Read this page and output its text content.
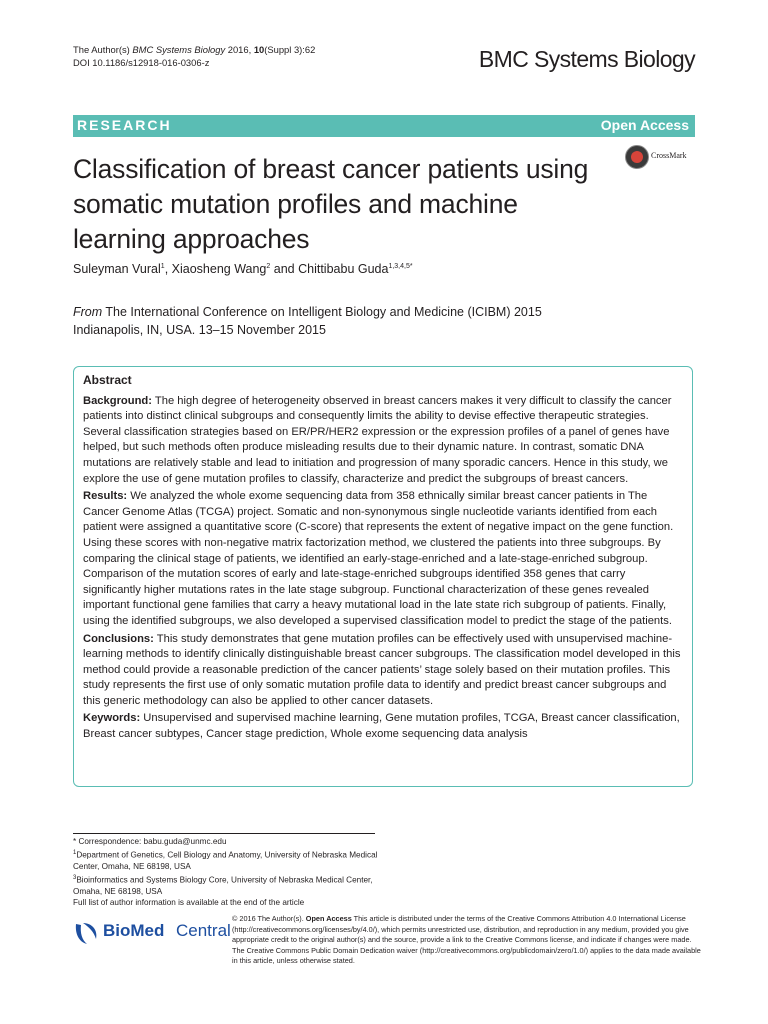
The Author(s) BMC Systems Biology 2016, 10(Suppl 3):62
DOI 10.1186/s12918-016-0306-z	BMC Systems Biology
RESEARCH	Open Access
Classification of breast cancer patients using somatic mutation profiles and machine learning approaches
CrossMark
Suleyman Vural$^1$, Xiaosheng Wang$^2$ and Chittibabu Guda$^{1,3,4,5*}$
From The International Conference on Intelligent Biology and Medicine (ICIBM) 2015
Indianapolis, IN, USA. 13–15 November 2015
Abstract

Background: The high degree of heterogeneity observed in breast cancers makes it very difficult to classify the cancer patients into distinct clinical subgroups and consequently limits the ability to devise effective therapeutic strategies. Several classification strategies based on ER/PR/HER2 expression or the expression profiles of a panel of genes have helped, but such methods often produce misleading results due to their dynamic nature. In contrast, somatic DNA mutations are relatively stable and lead to initiation and progression of many sporadic cancers. Hence in this study, we explore the use of gene mutation profiles to classify, characterize and predict the subgroups of breast cancers.

Results: We analyzed the whole exome sequencing data from 358 ethnically similar breast cancer patients in The Cancer Genome Atlas (TCGA) project. Somatic and non-synonymous single nucleotide variants identified from each patient were assigned a quantitative score (C-score) that represents the extent of negative impact on the gene function. Using these scores with non-negative matrix factorization method, we clustered the patients into three subgroups. By comparing the clinical stage of patients, we identified an early-stage-enriched and a late-stage-enriched subgroup. Comparison of the mutation scores of early and late-stage-enriched subgroups identified 358 genes that carry significantly higher mutations rates in the late stage subgroup. Functional characterization of these genes revealed important functional gene families that carry a heavy mutational load in the late state rich subgroup of patients. Finally, using the identified subgroups, we also developed a supervised classification model to predict the stage of the patients.

Conclusions: This study demonstrates that gene mutation profiles can be effectively used with unsupervised machine-learning methods to identify clinically distinguishable breast cancer subgroups. The classification model developed in this method could provide a reasonable prediction of the cancer patients’ stage solely based on their mutation profiles. This study represents the first use of only somatic mutation profile data to identify and predict breast cancer subgroups and this generic methodology can also be applied to other cancer datasets.

Keywords: Unsupervised and supervised machine learning, Gene mutation profiles, TCGA, Breast cancer classification, Breast cancer subtypes, Cancer stage prediction, Whole exome sequencing data analysis

* Correspondence: babu.guda@unmc.edu
$^1$Department of Genetics, Cell Biology and Anatomy, University of Nebraska Medical Center, Omaha, NE 68198, USA
$^3$Bioinformatics and Systems Biology Core, University of Nebraska Medical Center, Omaha, NE 68198, USA
Full list of author information is available at the end of the article
BioMed Central
© 2016 The Author(s). Open Access This article is distributed under the terms of the Creative Commons Attribution 4.0 International License (http://creativecommons.org/licenses/by/4.0/), which permits unrestricted use, distribution, and reproduction in any medium, provided you give appropriate credit to the original author(s) and the source, provide a link to the Creative Commons license, and indicate if changes were made. The Creative Commons Public Domain Dedication waiver (http://creativecommons.org/publicdomain/zero/1.0/) applies to the data made available in this article, unless otherwise stated.
